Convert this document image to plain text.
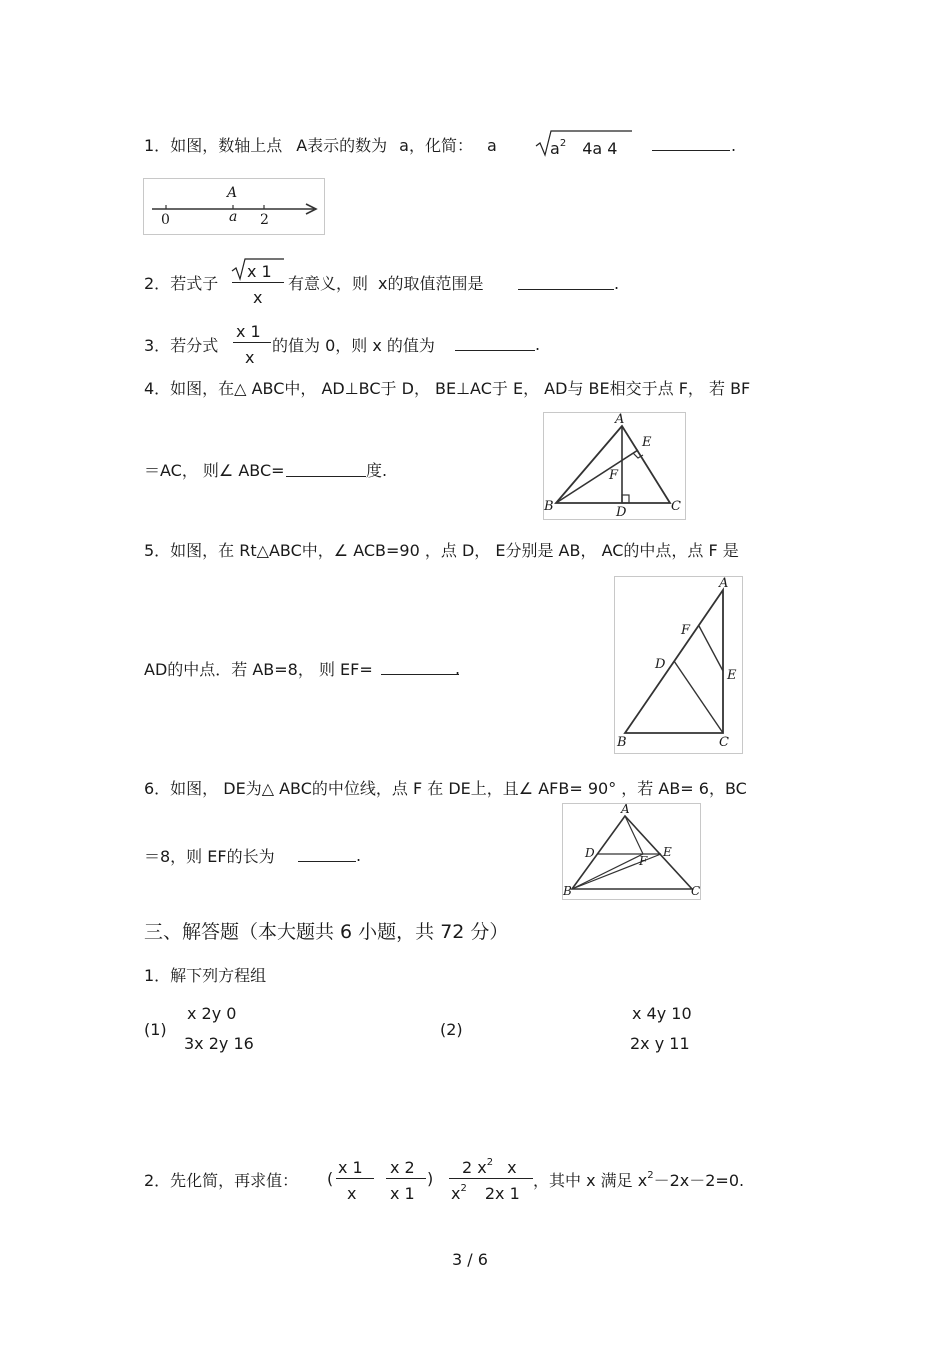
1．如图，数轴上点 A表示的数为 a，化简： a	$a^2$ 4a 4	.
A
0	a 2
2．若式子
x 1
x
有意义，则 x的取值范围是	.
3．若分式
x 1
x
的值为 0，则 x 的值为	.
4．如图，在△ ABC中， AD⊥BC于 D， BE⊥AC于 E， AD与 BE相交于点 F， 若 BF
＝AC， 则∠ ABC=	度.
A
E
F
B	D	C
5．如图，在 Rt△ABC中，∠ ACB=90 ，点 D， E分别是 AB， AC的中点，点 F 是
AD的中点．若 AB=8， 则 EF=	.
A
F
D
E
B	C
6．如图， DE为△ ABC的中位线，点 F 在 DE上，且∠ AFB= 90° ，若 AB= 6，BC
＝8，则 EF的长为	.
A
D
F
E
B	C
三、解答题（本大题共 6 小题，共 72 分）
1．解下列方程组
(1)
x 2y 0
3x 2y 16
(2)
x 4y 10
2x y 11
2．先化简，再求值： (
x 1
x
x 2
x 1
)
2 $x^2$ x
$x^2$ 2x 1
，其中 x 满足 $x^2-2x-2=0$.
3 / 6
